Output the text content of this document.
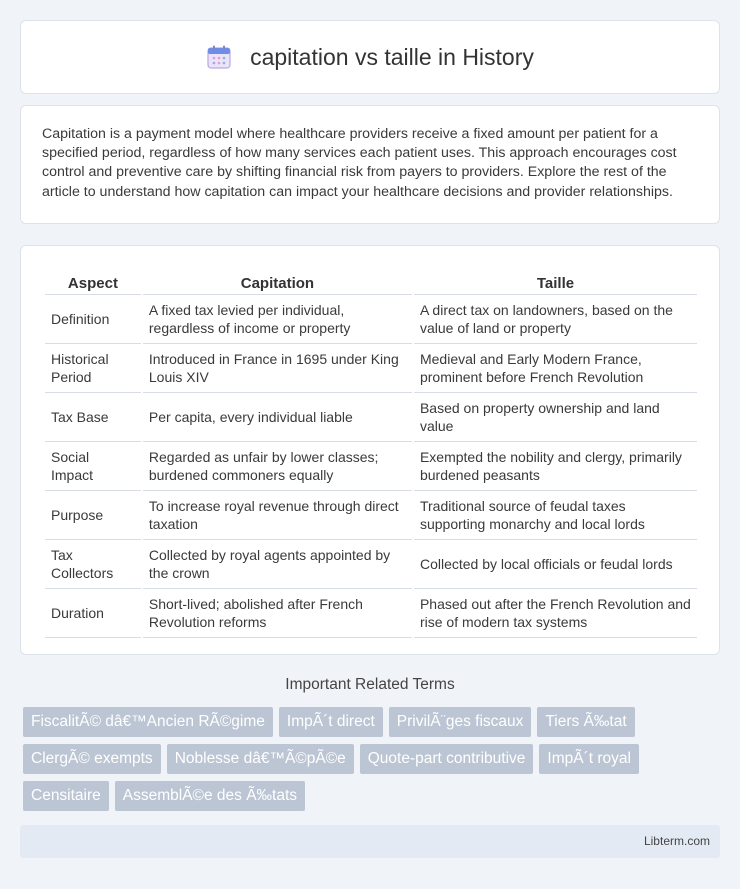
capitation vs taille in History

Capitation is a payment model where healthcare providers receive a fixed amount per patient for a specified period, regardless of how many services each patient uses. This approach encourages cost control and preventive care by shifting financial risk from payers to providers. Explore the rest of the article to understand how capitation can impact your healthcare decisions and provider relationships.

Aspect	Capitation	Taille
Definition	A fixed tax levied per individual, regardless of income or property	A direct tax on landowners, based on the value of land or property
Historical Period	Introduced in France in 1695 under King Louis XIV	Medieval and Early Modern France, prominent before French Revolution
Tax Base	Per capita, every individual liable	Based on property ownership and land value
Social Impact	Regarded as unfair by lower classes; burdened commoners equally	Exempted the nobility and clergy, primarily burdened peasants
Purpose	To increase royal revenue through direct taxation	Traditional source of feudal taxes supporting monarchy and local lords
Tax Collectors	Collected by royal agents appointed by the crown	Collected by local officials or feudal lords
Duration	Short-lived; abolished after French Revolution reforms	Phased out after the French Revolution and rise of modern tax systems
Important Related Terms
FiscalitÃ© dâ€™Ancien RÃ©gime	ImpÃ´t direct	PrivilÃ¨ges fiscaux	Tiers Ã‰tat
ClergÃ© exempts	Noblesse dâ€™Ã©pÃ©e	Quote-part contributive	ImpÃ´t royal
Censitaire	AssemblÃ©e des Ã‰tats
Libterm.com
